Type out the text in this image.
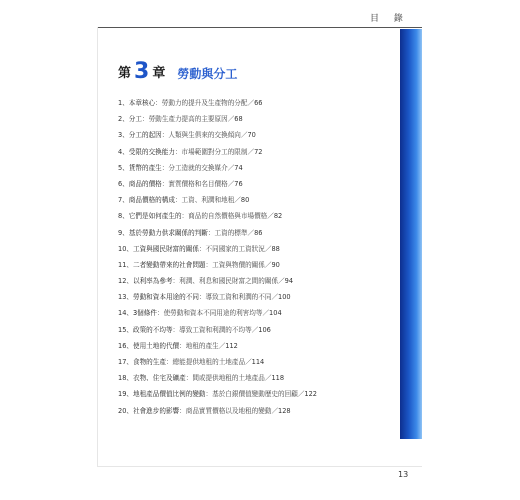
目 錄
第 3 章 勞動與分工
1、本章核心：勞動力的提升及生產物的分配／66
2、分工：勞動生產力提高的主要原因／68
3、分工的起因：人類與生俱來的交換傾向／70
4、受限的交換能力：市場範圍對分工的限制／72
5、貨幣的產生：分工造就的交換媒介／74
6、商品的價格：實質價格和名目價格／76
7、商品價格的構成：工資、利潤和地租／80
8、它們是如何產生的：商品的自然價格與市場價格／82
9、基於勞動力供求關係的判斷：工資的標準／86
10、工資與國民財富的關係：不同國家的工資狀況／88
11、二者變動帶來的社會問題：工資與物價的關係／90
12、以利率為參考：利潤、利息和國民財富之間的關係／94
13、勞動和資本用途的不同：導致工資和利潤的不同／100
14、3個條件：使勞動和資本不同用途的利害均等／104
15、政策的不均等：導致工資和利潤的不均等／106
16、使用土地的代價：地租的產生／112
17、食物的生產：總能提供地租的土地產品／114
18、衣物、住宅及礦產：間或提供地租的土地產品／118
19、地租產品價值比例的變動：基於白銀價值變動歷史的回顧／122
20、社會進步的影響：商品實質價格以及地租的變動／128
13
